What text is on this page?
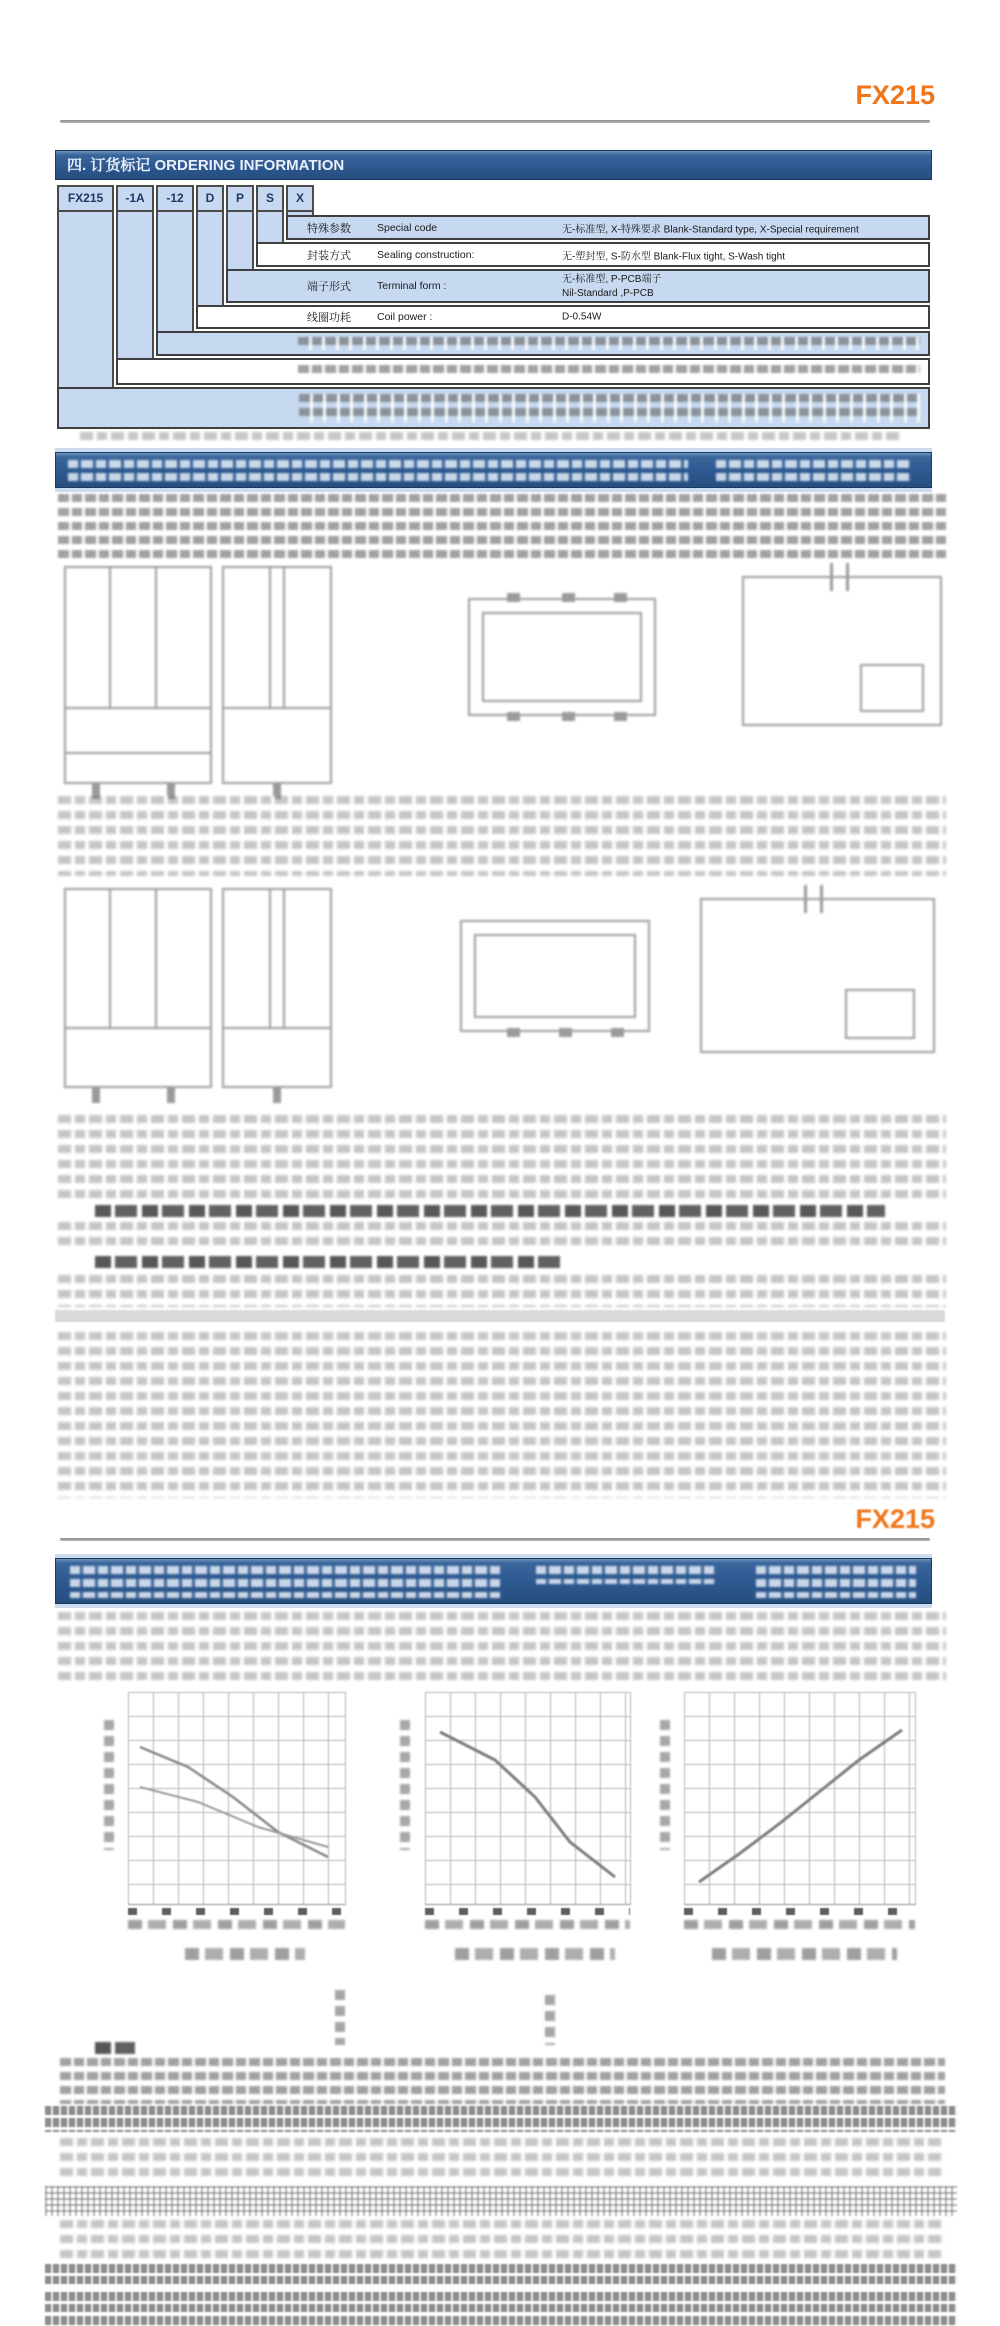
FX215
四. 订货标记 ORDERING INFORMATION
FX215	-1A	-12	D	P	S	X
特殊参数 Special code	无-标准型, X-特殊要求 Blank-Standard type, X-Special requirement
封装方式 Sealing construction:	无-塑封型, S-防水型 Blank-Flux tight, S-Wash tight
端子形式 Terminal form :
无-标准型, P-PCB端子
Nil-Standard ,P-PCB
线圈功耗 Coil power :	D-0.54W
FX215
